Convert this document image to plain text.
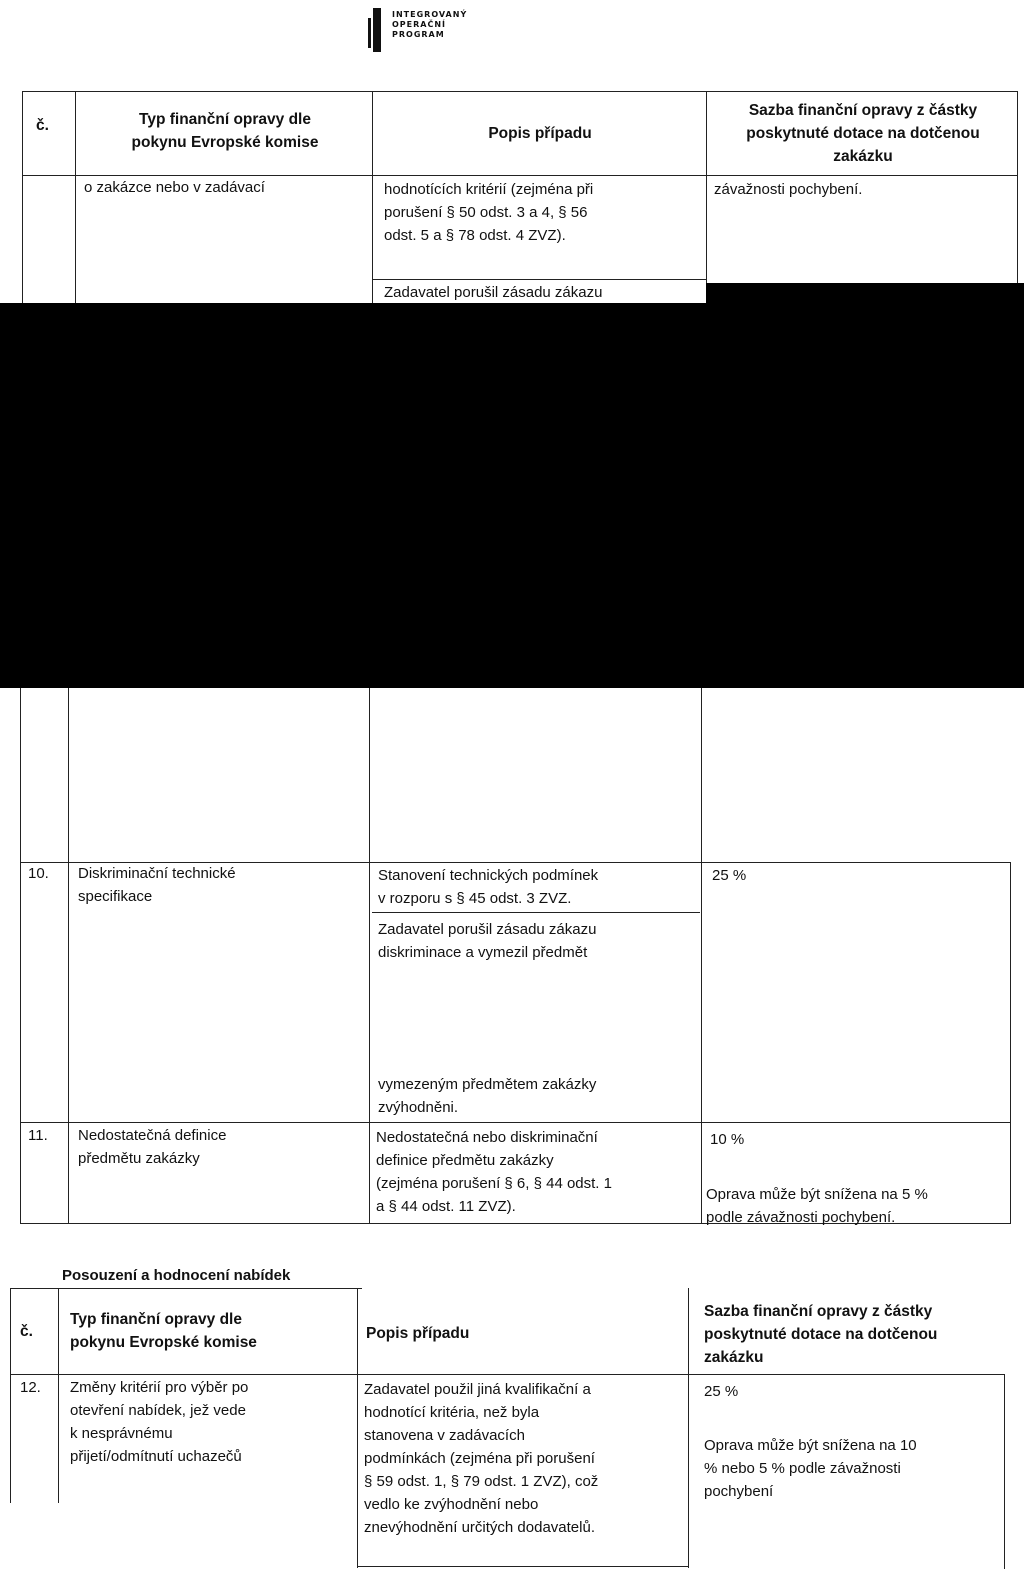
INTEGROVANÝ
OPERAČNÍ
PROGRAM
č.	Typ finanční opravy dle
pokynu Evropské komise
Popis případu
Sazba finanční opravy z částky
poskytnuté dotace na dotčenou
zakázku
o zakázce nebo v zadávací	hodnotících kritérií (zejména při
porušení § 50 odst. 3 a 4, § 56
odst. 5 a § 78 odst. 4 ZVZ).
Zadavatel porušil zásadu zákazu
závažnosti pochybení.
10. Diskriminační technické
specifikace
Stanovení technických podmínek
v rozporu s § 45 odst. 3 ZVZ.
Zadavatel porušil zásadu zákazu
diskriminace a vymezil předmět
vymezeným předmětem zakázky
zvýhodněni.
25 %
11. Nedostatečná definice
předmětu zakázky
Nedostatečná nebo diskriminační
definice předmětu zakázky
(zejména porušení § 6, § 44 odst. 1
a § 44 odst. 11 ZVZ).
10 %
Oprava může být snížena na 5 %
podle závažnosti pochybení.
Posouzení a hodnocení nabídek
č.
Typ finanční opravy dle
pokynu Evropské komise
Popis případu
Sazba finanční opravy z částky
poskytnuté dotace na dotčenou
zakázku
12. Změny kritérií pro výběr po
otevření nabídek, jež vede
k nesprávnému
přijetí/odmítnutí uchazečů
Zadavatel použil jiná kvalifikační a
hodnotící kritéria, než byla
stanovena v zadávacích
podmínkách (zejména při porušení
§ 59 odst. 1, § 79 odst. 1 ZVZ), což
vedlo ke zvýhodnění nebo
znevýhodnění určitých dodavatelů.
25 %
Oprava může být snížena na 10
% nebo 5 % podle závažnosti
pochybení
